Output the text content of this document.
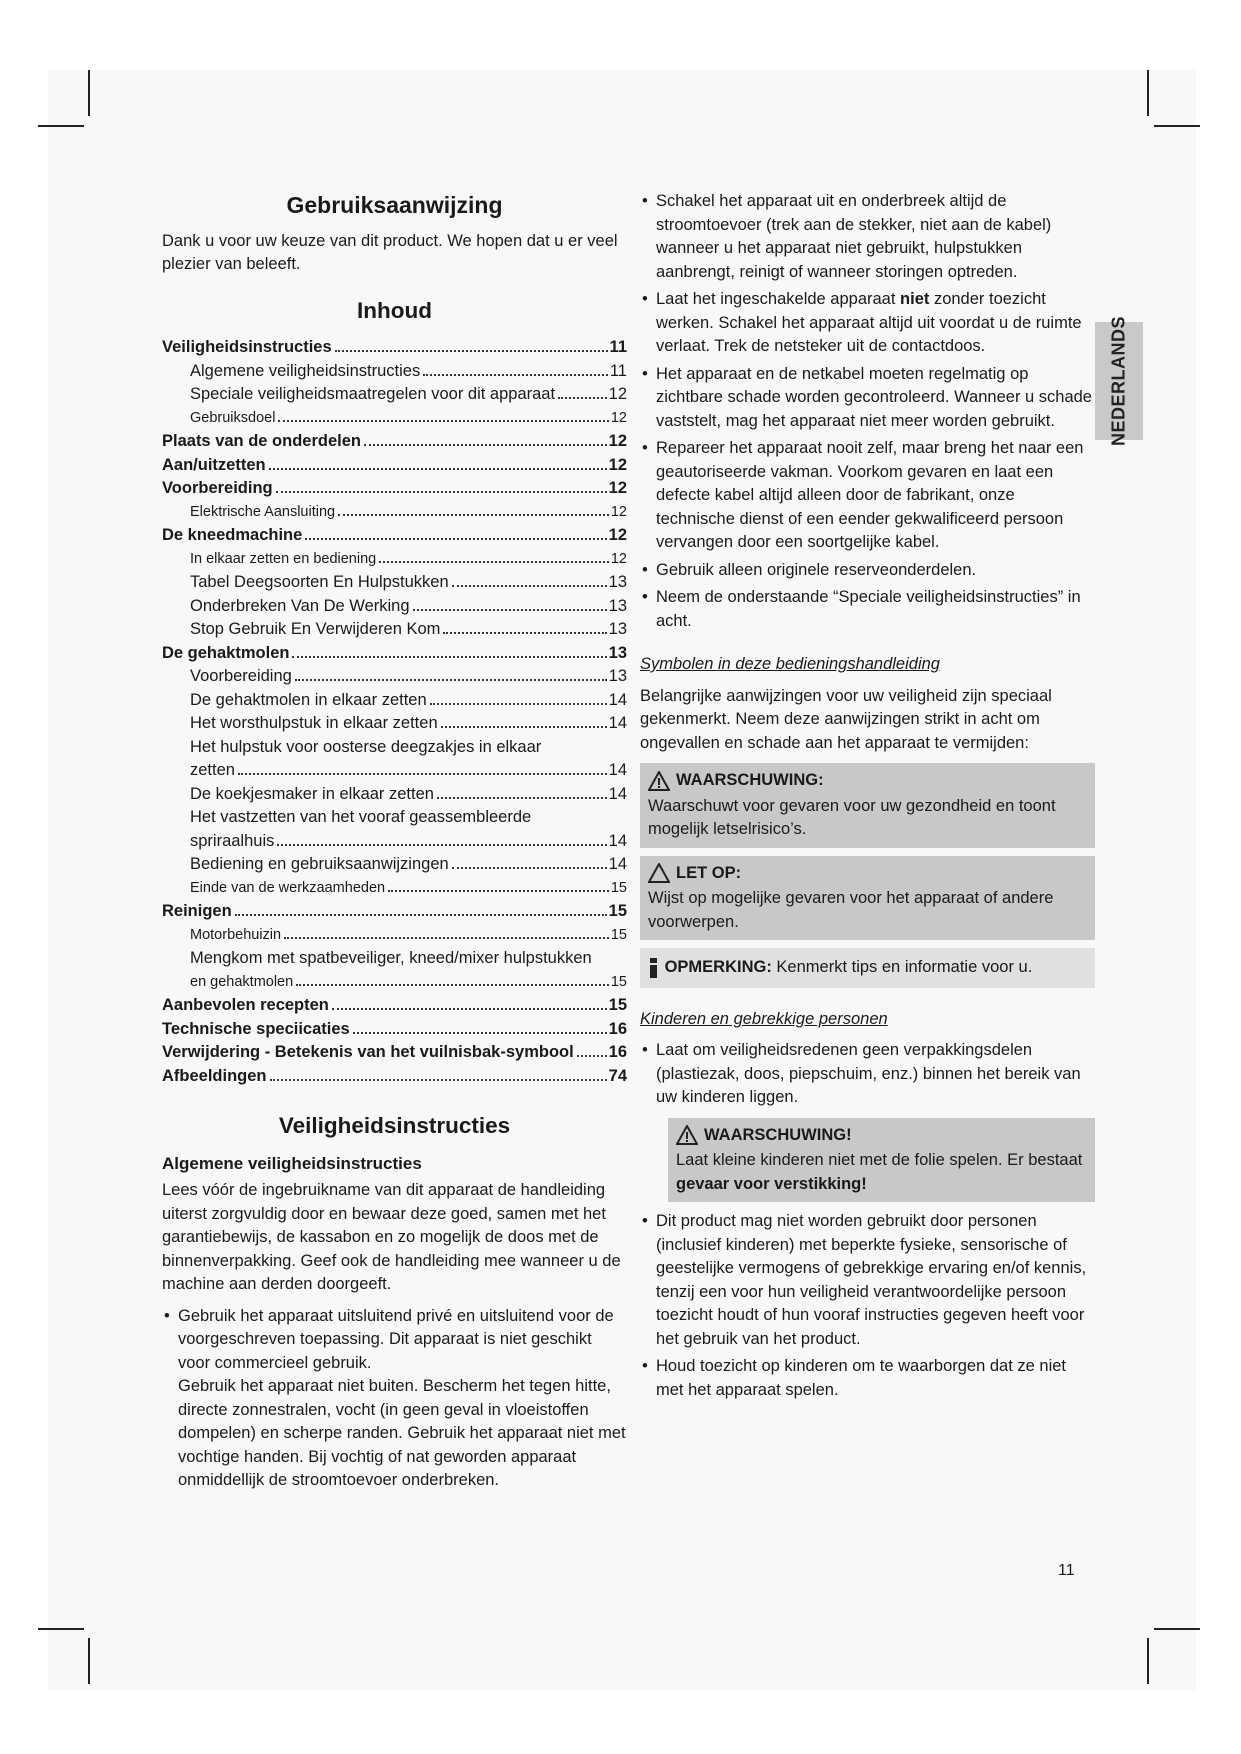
Gebruiksaanwijzing

Dank u voor uw keuze van dit product. We hopen dat u er veel plezier van beleeft.

Inhoud
Veiligheidsinstructies	11
Algemene veiligheidsinstructies	11
Speciale veiligheidsmaatregelen voor dit apparaat	12
Gebruiksdoel	12
Plaats van de onderdelen	12
Aan/uitzetten	12
Voorbereiding	12
Elektrische Aansluiting	12
De kneedmachine	12
In elkaar zetten en bediening	12
Tabel Deegsoorten En Hulpstukken	13
Onderbreken Van De Werking	13
Stop Gebruik En Verwijderen Kom	13
De gehaktmolen	13
Voorbereiding	13
De gehaktmolen in elkaar zetten	14
Het worsthulpstuk in elkaar zetten	14
Het hulpstuk voor oosterse deegzakjes in elkaar
zetten	14
De koekjesmaker in elkaar zetten	14
Het vastzetten van het vooraf geassembleerde
spriraalhuis	14
Bediening en gebruiksaanwijzingen	14
Einde van de werkzaamheden	15
Reinigen	15
Motorbehuizin	15
Mengkom met spatbeveiliger, kneed/mixer hulpstukken
en gehaktmolen	15
Aanbevolen recepten	15
Technische speciicaties	16
Verwijdering - Betekenis van het vuilnisbak-symbool 16
Afbeeldingen	74
Veiligheidsinstructies
Algemene veiligheidsinstructies

Lees vóór de ingebruikname van dit apparaat de handleiding uiterst zorgvuldig door en bewaar deze goed, samen met het garantiebewijs, de kassabon en zo mogelijk de doos met de binnenverpakking. Geef ook de handleiding mee wanneer u de machine aan derden doorgeeft.

• Gebruik het apparaat uitsluitend privé en uitsluitend voor de voorgeschreven toepassing. Dit apparaat is niet geschikt voor commercieel gebruik.
Gebruik het apparaat niet buiten. Bescherm het tegen hitte, directe zonnestralen, vocht (in geen geval in vloeistoffen dompelen) en scherpe randen. Gebruik het apparaat niet met vochtige handen. Bij vochtig of nat geworden apparaat onmiddellijk de stroomtoevoer onderbreken.
• Schakel het apparaat uit en onderbreek altijd de stroomtoevoer (trek aan de stekker, niet aan de kabel) wanneer u het apparaat niet gebruikt, hulpstukken aanbrengt, reinigt of wanneer storingen optreden.
• Laat het ingeschakelde apparaat niet zonder toezicht werken. Schakel het apparaat altijd uit voordat u de ruimte verlaat. Trek de netsteker uit de contactdoos.
• Het apparaat en de netkabel moeten regelmatig op zichtbare schade worden gecontroleerd. Wanneer u schade vaststelt, mag het apparaat niet meer worden gebruikt.
• Repareer het apparaat nooit zelf, maar breng het naar een geautoriseerde vakman. Voorkom gevaren en laat een defecte kabel altijd alleen door de fabrikant, onze technische dienst of een eender gekwalificeerd persoon vervangen door een soortgelijke kabel.
• Gebruik alleen originele reserveonderdelen.
• Neem de onderstaande “Speciale veiligheidsinstructies” in acht.
Symbolen in deze bedieningshandleiding

Belangrijke aanwijzingen voor uw veiligheid zijn speciaal gekenmerkt. Neem deze aanwijzingen strikt in acht om ongevallen en schade aan het apparaat te vermijden:

WAARSCHUWING:
Waarschuwt voor gevaren voor uw gezondheid en toont mogelijk letselrisico’s.
LET OP:
Wijst op mogelijke gevaren voor het apparaat of andere voorwerpen.
OPMERKING: Kenmerkt tips en informatie voor u.
Kinderen en gebrekkige personen
• Laat om veiligheidsredenen geen verpakkingsdelen (plastiezak, doos, piepschuim, enz.) binnen het bereik van uw kinderen liggen.
WAARSCHUWING!
Laat kleine kinderen niet met de folie spelen. Er bestaat gevaar voor verstikking!
• Dit product mag niet worden gebruikt door personen (inclusief kinderen) met beperkte fysieke, sensorische of geestelijke vermogens of gebrekkige ervaring en/of kennis, tenzij een voor hun veiligheid verantwoordelijke persoon toezicht houdt of hun vooraf instructies gegeven heeft voor het gebruik van het product.
• Houd toezicht op kinderen om te waarborgen dat ze niet met het apparaat spelen.
NEDERLANDS
11
